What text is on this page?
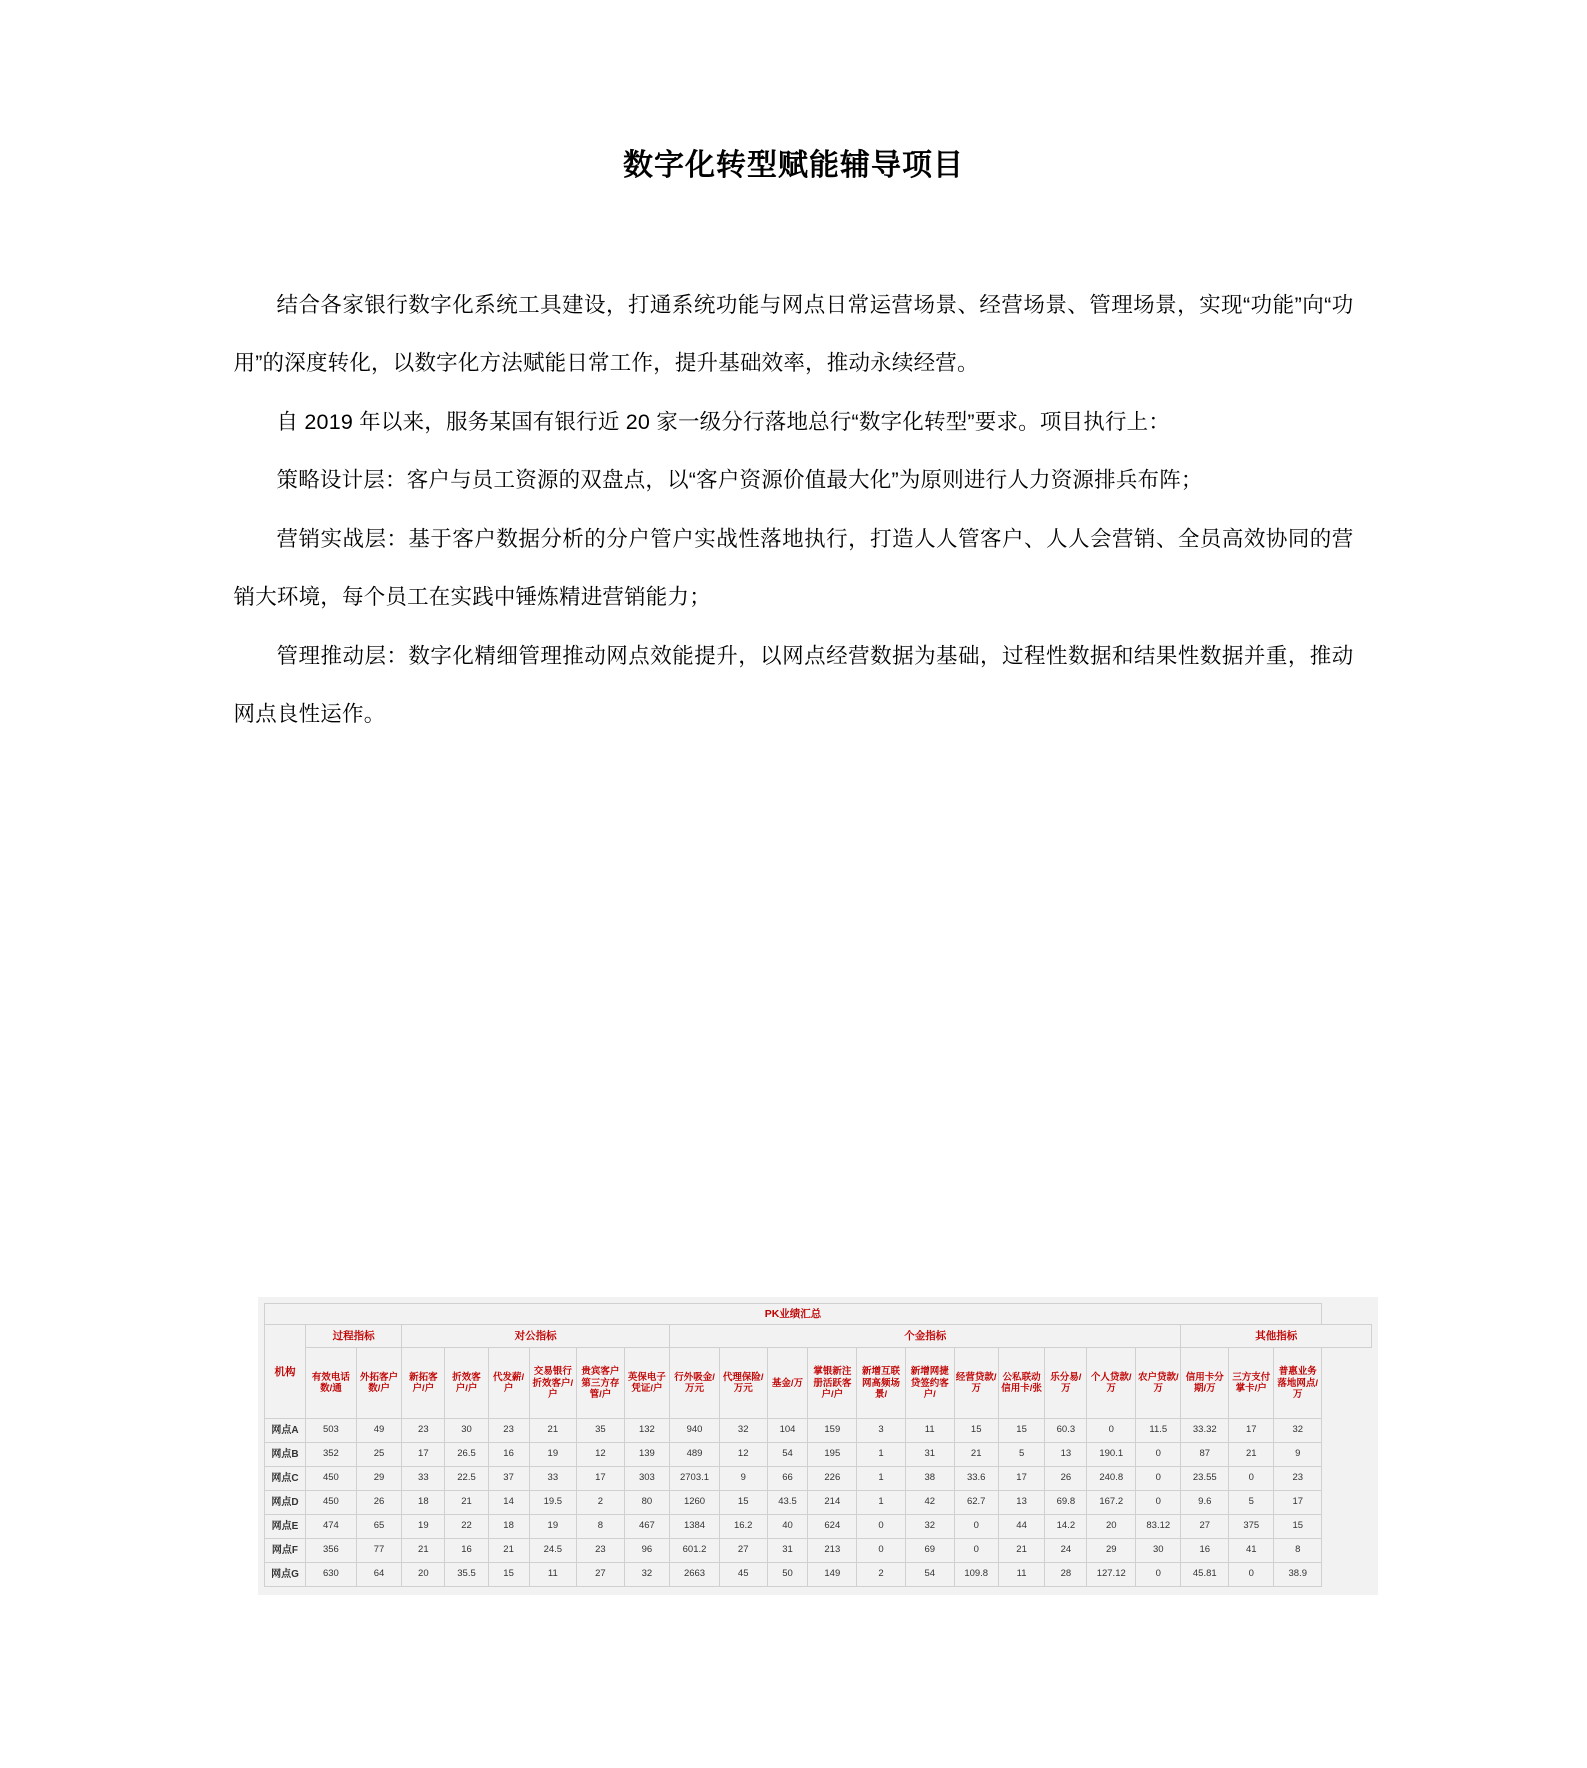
数字化转型赋能辅导项目

结合各家银行数字化系统工具建设，打通系统功能与网点日常运营场景、经营场景、管理场景，实现“功能”向“功用”的深度转化，以数字化方法赋能日常工作，提升基础效率，推动永续经营。

自 2019 年以来，服务某国有银行近 20 家一级分行落地总行“数字化转型”要求。项目执行上：

策略设计层：客户与员工资源的双盘点，以“客户资源价值最大化”为原则进行人力资源排兵布阵；

营销实战层：基于客户数据分析的分户管户实战性落地执行，打造人人管客户、人人会营销、全员高效协同的营销大环境，每个员工在实践中锤炼精进营销能力；

管理推动层：数字化精细管理推动网点效能提升，以网点经营数据为基础，过程性数据和结果性数据并重，推动网点良性运作。

PK业绩汇总																						
机构	过程指标		对公指标						个金指标											其他指标		
	有效电话数/通	外拓客户数/户	新拓客户/户	折效客户/户	代发薪/户	交易银行折效客户/户	贵宾客户第三方存管/户	英保电子凭证/户	行外吸金/万元	代理保险/万元	基金/万	掌银新注册活跃客户/户	新增互联网高频场景/	新增网捷贷签约客户/	经营贷款/万	公私联动信用卡/张	乐分易/万	个人贷款/万	农户贷款/万	信用卡分期/万	三方支付掌卡/户	普惠业务落地网点/万
网点A	503	49	23	30	23	21	35	132	940	32	104	159	3	11	15	15	60.3	0	11.5	33.32	17	32
网点B	352	25	17	26.5	16	19	12	139	489	12	54	195	1	31	21	5	13	190.1	0	87	21	9
网点C	450	29	33	22.5	37	33	17	303	2703.1	9	66	226	1	38	33.6	17	26	240.8	0	23.55	0	23
网点D	450	26	18	21	14	19.5	2	80	1260	15	43.5	214	1	42	62.7	13	69.8	167.2	0	9.6	5	17
网点E	474	65	19	22	18	19	8	467	1384	16.2	40	624	0	32	0	44	14.2	20	83.12	27	375	15
网点F	356	77	21	16	21	24.5	23	96	601.2	27	31	213	0	69	0	21	24	29	30	16	41	8
网点G	630	64	20	35.5	15	11	27	32	2663	45	50	149	2	54	109.8	11	28	127.12	0	45.81	0	38.9
